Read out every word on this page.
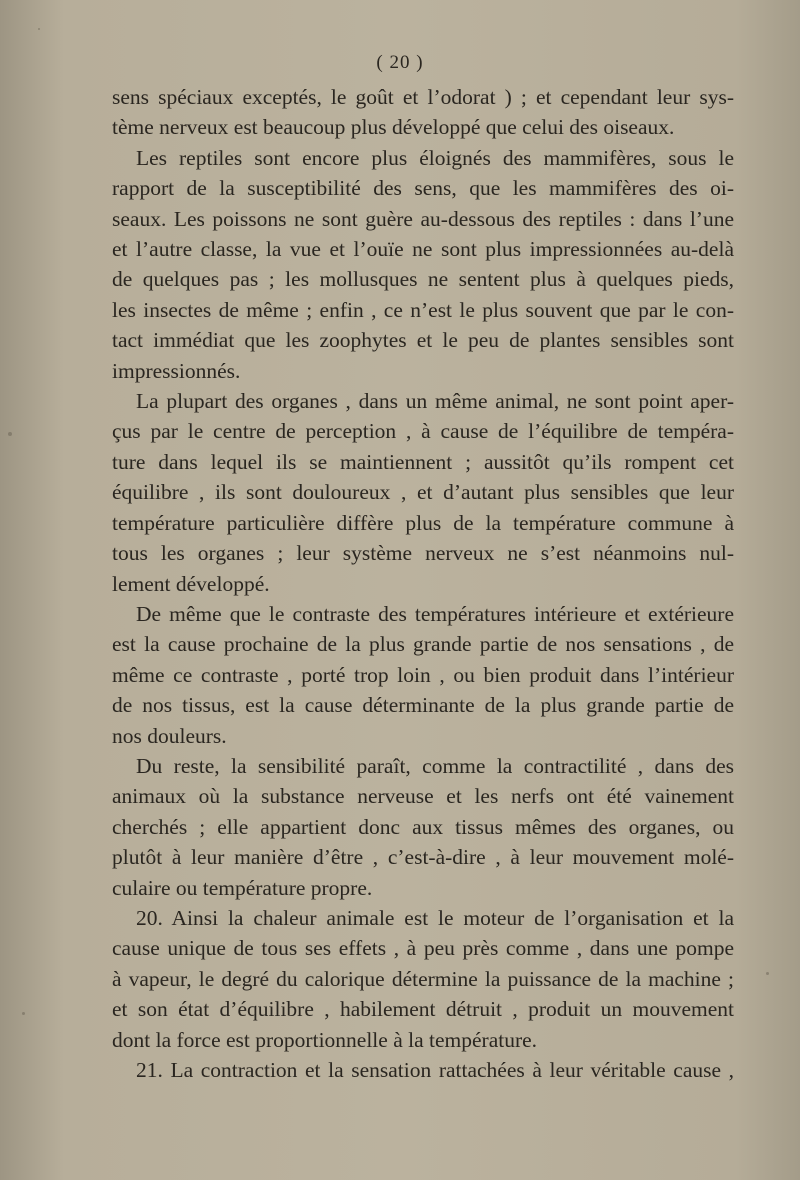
( 20 )
sens spéciaux exceptés, le goût et l’odorat ) ; et cependant leur sys-
tème nerveux est beaucoup plus développé que celui des oiseaux.
Les reptiles sont encore plus éloignés des mammifères, sous le
rapport de la susceptibilité des sens, que les mammifères des oi-
seaux. Les poissons ne sont guère au-dessous des reptiles : dans l’une
et l’autre classe, la vue et l’ouïe ne sont plus impressionnées au-delà
de quelques pas ; les mollusques ne sentent plus à quelques pieds,
les insectes de même ; enfin , ce n’est le plus souvent que par le con-
tact immédiat que les zoophytes et le peu de plantes sensibles sont
impressionnés.
La plupart des organes , dans un même animal, ne sont point aper-
çus par le centre de perception , à cause de l’équilibre de tempéra-
ture dans lequel ils se maintiennent ; aussitôt qu’ils rompent cet
équilibre , ils sont douloureux , et d’autant plus sensibles que leur
température particulière diffère plus de la température commune à
tous les organes ; leur système nerveux ne s’est néanmoins nul-
lement développé.
De même que le contraste des températures intérieure et extérieure
est la cause prochaine de la plus grande partie de nos sensations , de
même ce contraste , porté trop loin , ou bien produit dans l’intérieur
de nos tissus, est la cause déterminante de la plus grande partie de
nos douleurs.
Du reste, la sensibilité paraît, comme la contractilité , dans des
animaux où la substance nerveuse et les nerfs ont été vainement
cherchés ; elle appartient donc aux tissus mêmes des organes, ou
plutôt à leur manière d’être , c’est-à-dire , à leur mouvement molé-
culaire ou température propre.
20. Ainsi la chaleur animale est le moteur de l’organisation et la
cause unique de tous ses effets , à peu près comme , dans une pompe
à vapeur, le degré du calorique détermine la puissance de la machine ;
et son état d’équilibre , habilement détruit , produit un mouvement
dont la force est proportionnelle à la température.
21. La contraction et la sensation rattachées à leur véritable cause ,
